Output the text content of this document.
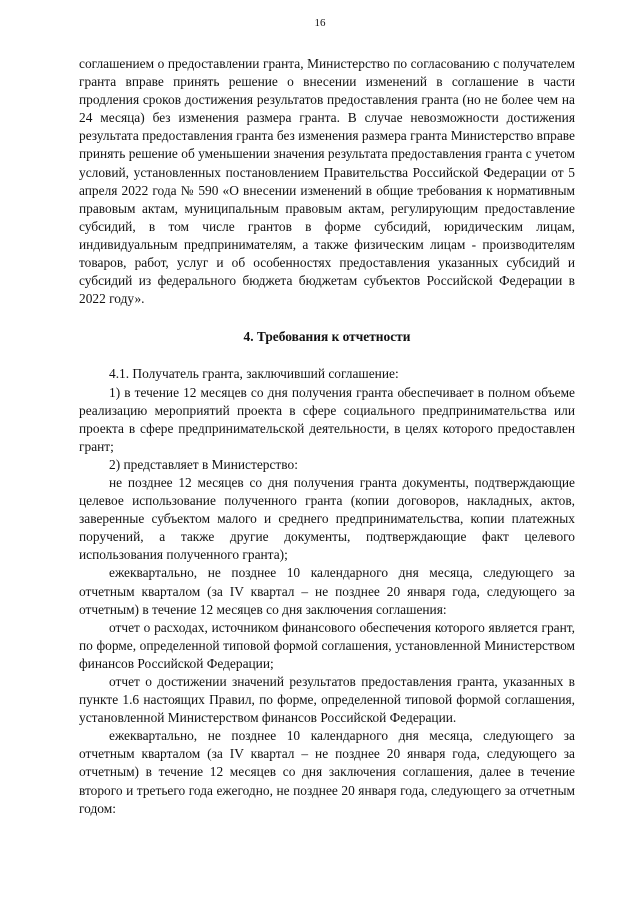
16

соглашением о предоставлении гранта, Министерство по согласованию с получателем гранта вправе принять решение о внесении изменений в соглашение в части продления сроков достижения результатов предоставления гранта (но не более чем на 24 месяца) без изменения размера гранта. В случае невозможности достижения результата предоставления гранта без изменения размера гранта Министерство вправе принять решение об уменьшении значения результата предоставления гранта с учетом условий, установленных постановлением Правительства Российской Федерации от 5 апреля 2022 года № 590 «О внесении изменений в общие требования к нормативным правовым актам, муниципальным правовым актам, регулирующим предоставление субсидий, в том числе грантов в форме субсидий, юридическим лицам, индивидуальным предпринимателям, а также физическим лицам - производителям товаров, работ, услуг и об особенностях предоставления указанных субсидий и субсидий из федерального бюджета бюджетам субъектов Российской Федерации в 2022 году».

4. Требования к отчетности

4.1. Получатель гранта, заключивший соглашение:

1) в течение 12 месяцев со дня получения гранта обеспечивает в полном объеме реализацию мероприятий проекта в сфере социального предпринимательства или проекта в сфере предпринимательской деятельности, в целях которого предоставлен грант;

2) представляет в Министерство:

не позднее 12 месяцев со дня получения гранта документы, подтверждающие целевое использование полученного гранта (копии договоров, накладных, актов, заверенные субъектом малого и среднего предпринимательства, копии платежных поручений, а также другие документы, подтверждающие факт целевого использования полученного гранта);

ежеквартально, не позднее 10 календарного дня месяца, следующего за отчетным кварталом (за IV квартал – не позднее 20 января года, следующего за отчетным) в течение 12 месяцев со дня заключения соглашения:

отчет о расходах, источником финансового обеспечения которого является грант, по форме, определенной типовой формой соглашения, установленной Министерством финансов Российской Федерации;

отчет о достижении значений результатов предоставления гранта, указанных в пункте 1.6 настоящих Правил, по форме, определенной типовой формой соглашения, установленной Министерством финансов Российской Федерации.

ежеквартально, не позднее 10 календарного дня месяца, следующего за отчетным кварталом (за IV квартал – не позднее 20 января года, следующего за отчетным) в течение 12 месяцев со дня заключения соглашения, далее в течение второго и третьего года ежегодно, не позднее 20 января года, следующего за отчетным годом:
